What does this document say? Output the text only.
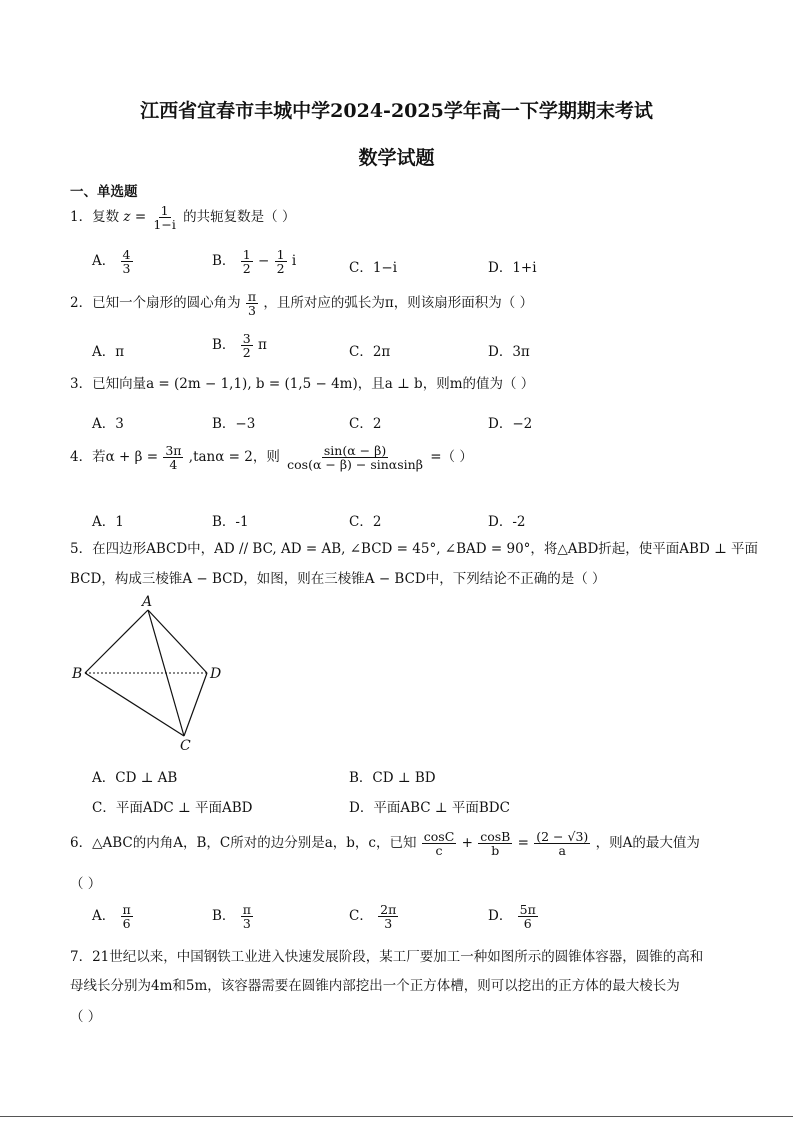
江西省宜春市丰城中学2024-2025学年高一下学期期末考试
数学试题
一、单选题
1．复数 $z = \frac{1}{1-i}$ 的共轭复数是（ ）
A． $\frac{4}{3}$	B． $\frac{1}{2} - \frac{1}{2}$ i	C．1−i	D．1+i
2．已知一个扇形的圆心角为 $\frac{\pi}{3}$ ，且所对应的弧长为π，则该扇形面积为（ ）
A．π	B． $\frac{3}{2}$ π	C．2π	D．3π
3．已知向量a = (2m − 1,1), b = (1,5 − 4m)，且a ⊥ b，则m的值为（ ）
A．3	B．−3	C．2	D．−2
4．若$\alpha + \beta = \frac{3\pi}{4} ,\tan\alpha = 2$，则 $\frac{\sin(\alpha - \beta)}{\cos(\alpha - \beta) - \sin\alpha\sin\beta}$ =（ ）
A．1	B．-1	C．2	D．-2
5．在四边形ABCD中，AD // BC, AD = AB, ∠BCD = 45°, ∠BAD = 90°，将△ABD折起，使平面ABD ⊥ 平面
BCD，构成三棱锥A − BCD，如图，则在三棱锥A − BCD中，下列结论不正确的是（ ）
A
B	D
C
A．CD ⊥ AB	B．CD ⊥ BD
C．平面ADC ⊥ 平面ABD	D．平面ABC ⊥ 平面BDC
6．△ABC的内角A，B，C所对的边分别是a，b，c，已知 $\frac{\cos C}{c} + \frac{\cos B}{b} = \frac{(2 - √3)}{a}$ ，则A的最大值为
（ ）
A． $\frac{\pi}{6}$	B． $\frac{\pi}{3}$	C． $\frac{2\pi}{3}$	D． $\frac{5\pi}{6}$
7．21世纪以来，中国钢铁工业进入快速发展阶段，某工厂要加工一种如图所示的圆锥体容器，圆锥的高和
母线长分别为4m和5m，该容器需要在圆锥内部挖出一个正方体槽，则可以挖出的正方体的最大棱长为
（ ）
